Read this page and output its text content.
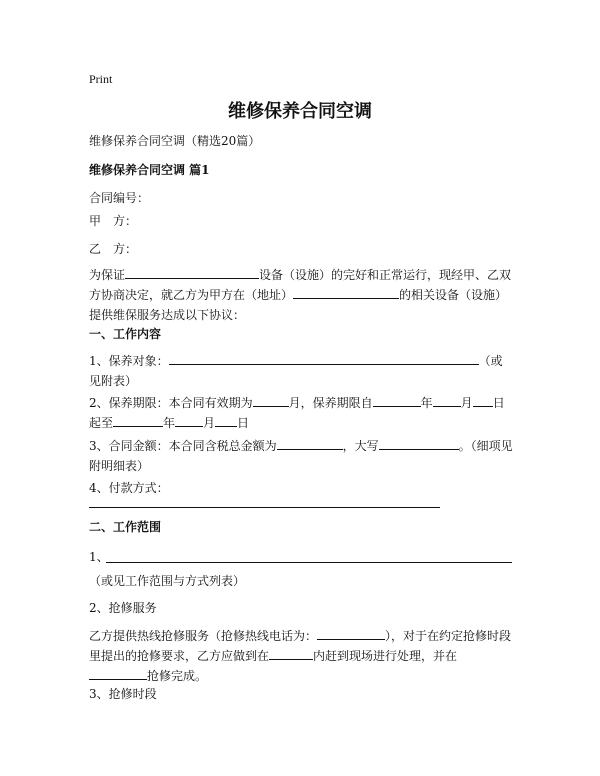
Print
维修保养合同空调
维修保养合同空调（精选20篇）
维修保养合同空调 篇1
合同编号：
甲　方：
乙　方：
为保证	设备（设施）的完好和正常运行，现经甲、乙双方协商决定，就乙方为甲方在（地址）	的相关设备（设施）提供维保服务达成以下协议：
一、工作内容
1、保养对象：	（或见附表）
2、保养期限：本合同有效期为	月，保养期限自	年 月 日起至	年 月 日
3、合同金额：本合同含税总金额为	，大写	。（细项见附明细表）
4、付款方式：
二、工作范围
1、
（或见工作范围与方式列表）
2、抢修服务
乙方提供热线抢修服务（抢修热线电话为：	），对于在约定抢修时段里提出的抢修要求，乙方应做到在	内赶到现场进行处理，并在抢修完成。
3、抢修时段
